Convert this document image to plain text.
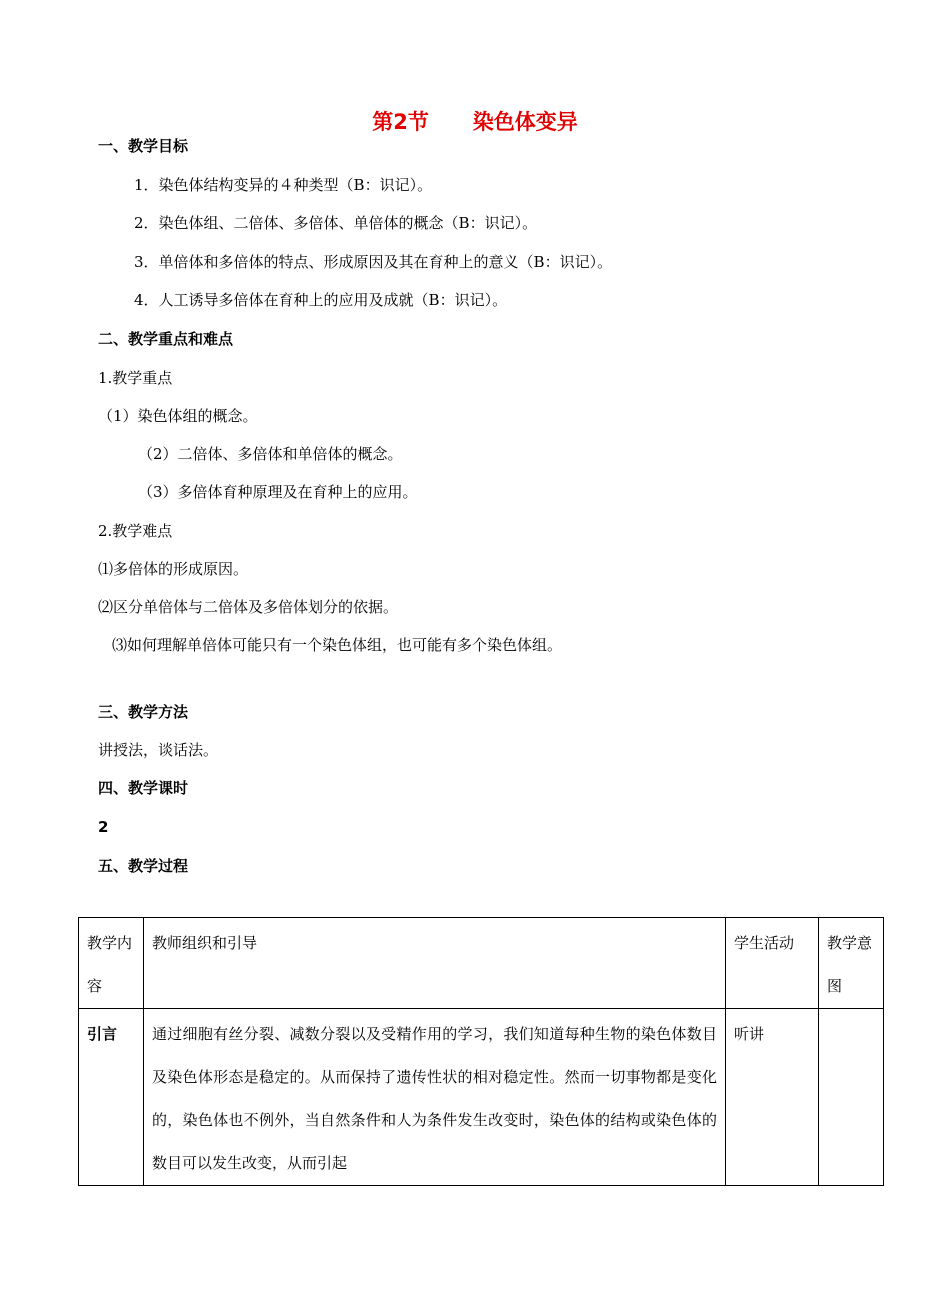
第2节      染色体变异
一、教学目标
1．染色体结构变异的４种类型（B：识记）。
2．染色体组、二倍体、多倍体、单倍体的概念（B：识记）。
3．单倍体和多倍体的特点、形成原因及其在育种上的意义（B：识记）。
4．人工诱导多倍体在育种上的应用及成就（B：识记）。
二、教学重点和难点
1.教学重点
（1）染色体组的概念。
（2）二倍体、多倍体和单倍体的概念。
（3）多倍体育种原理及在育种上的应用。
2.教学难点
⑴多倍体的形成原因。
⑵区分单倍体与二倍体及多倍体划分的依据。
⑶如何理解单倍体可能只有一个染色体组，也可能有多个染色体组。
三、教学方法
讲授法，谈话法。
四、教学课时
2
五、教学过程
教学内容	教师组织和引导	学生活动	教学意图
引言	通过细胞有丝分裂、减数分裂以及受精作用的学习，我们知道每种生物的染色体数目及染色体形态是稳定的。从而保持了遗传性状的相对稳定性。然而一切事物都是变化的，染色体也不例外，当自然条件和人为条件发生改变时，染色体的结构或染色体的数目可以发生改变，从而引起	听讲	
